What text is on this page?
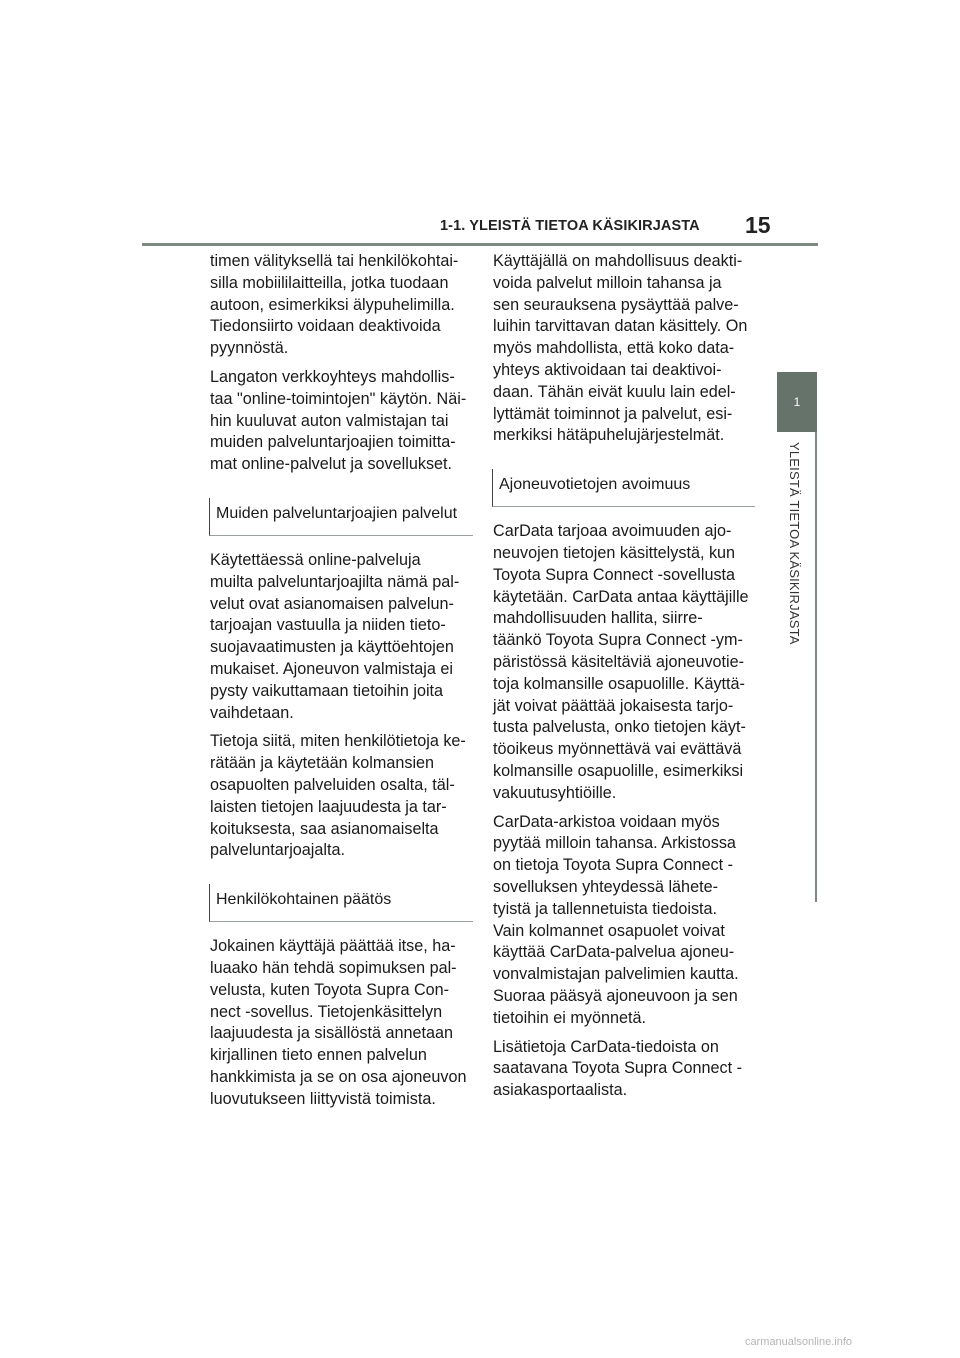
1-1. YLEISTÄ TIETOA KÄSIKIRJASTA 15
1
YLEISTÄ TIETOA KÄSIKIRJASTA

timen välityksellä tai henkilökohtai-
silla mobiililaitteilla, jotka tuodaan
autoon, esimerkiksi älypuhelimilla.
Tiedonsiirto voidaan deaktivoida
pyynnöstä.

Langaton verkkoyhteys mahdollis-
taa "online-toimintojen" käytön. Näi-
hin kuuluvat auton valmistajan tai
muiden palveluntarjoajien toimitta-
mat online-palvelut ja sovellukset.

Muiden palveluntarjoajien palvelut

Käytettäessä online-palveluja
muilta palveluntarjoajilta nämä pal-
velut ovat asianomaisen palvelun-
tarjoajan vastuulla ja niiden tieto-
suojavaatimusten ja käyttöehtojen
mukaiset. Ajoneuvon valmistaja ei
pysty vaikuttamaan tietoihin joita
vaihdetaan.

Tietoja siitä, miten henkilötietoja ke-
rätään ja käytetään kolmansien
osapuolten palveluiden osalta, täl-
laisten tietojen laajuudesta ja tar-
koituksesta, saa asianomaiselta
palveluntarjoajalta.

Henkilökohtainen päätös

Jokainen käyttäjä päättää itse, ha-
luaako hän tehdä sopimuksen pal-
velusta, kuten Toyota Supra Con-
nect -sovellus. Tietojenkäsittelyn
laajuudesta ja sisällöstä annetaan
kirjallinen tieto ennen palvelun
hankkimista ja se on osa ajoneuvon
luovutukseen liittyvistä toimista.

Käyttäjällä on mahdollisuus deakti-
voida palvelut milloin tahansa ja
sen seurauksena pysäyttää palve-
luihin tarvittavan datan käsittely. On
myös mahdollista, että koko data-
yhteys aktivoidaan tai deaktivoi-
daan. Tähän eivät kuulu lain edel-
lyttämät toiminnot ja palvelut, esi-
merkiksi hätäpuhelujärjestelmät.

Ajoneuvotietojen avoimuus

CarData tarjoaa avoimuuden ajo-
neuvojen tietojen käsittelystä, kun
Toyota Supra Connect -sovellusta
käytetään. CarData antaa käyttäjille
mahdollisuuden hallita, siirre-
täänkö Toyota Supra Connect -ym-
päristössä käsiteltäviä ajoneuvotie-
toja kolmansille osapuolille. Käyttä-
jät voivat päättää jokaisesta tarjo-
tusta palvelusta, onko tietojen käyt-
töoikeus myönnettävä vai evättävä
kolmansille osapuolille, esimerkiksi
vakuutusyhtiöille.

CarData-arkistoa voidaan myös
pyytää milloin tahansa. Arkistossa
on tietoja Toyota Supra Connect -
sovelluksen yhteydessä lähete-
tyistä ja tallennetuista tiedoista.
Vain kolmannet osapuolet voivat
käyttää CarData-palvelua ajoneu-
vonvalmistajan palvelimien kautta.
Suoraa pääsyä ajoneuvoon ja sen
tietoihin ei myönnetä.

Lisätietoja CarData-tiedoista on
saatavana Toyota Supra Connect -
asiakasportaalista.

carmanualsonline.info
